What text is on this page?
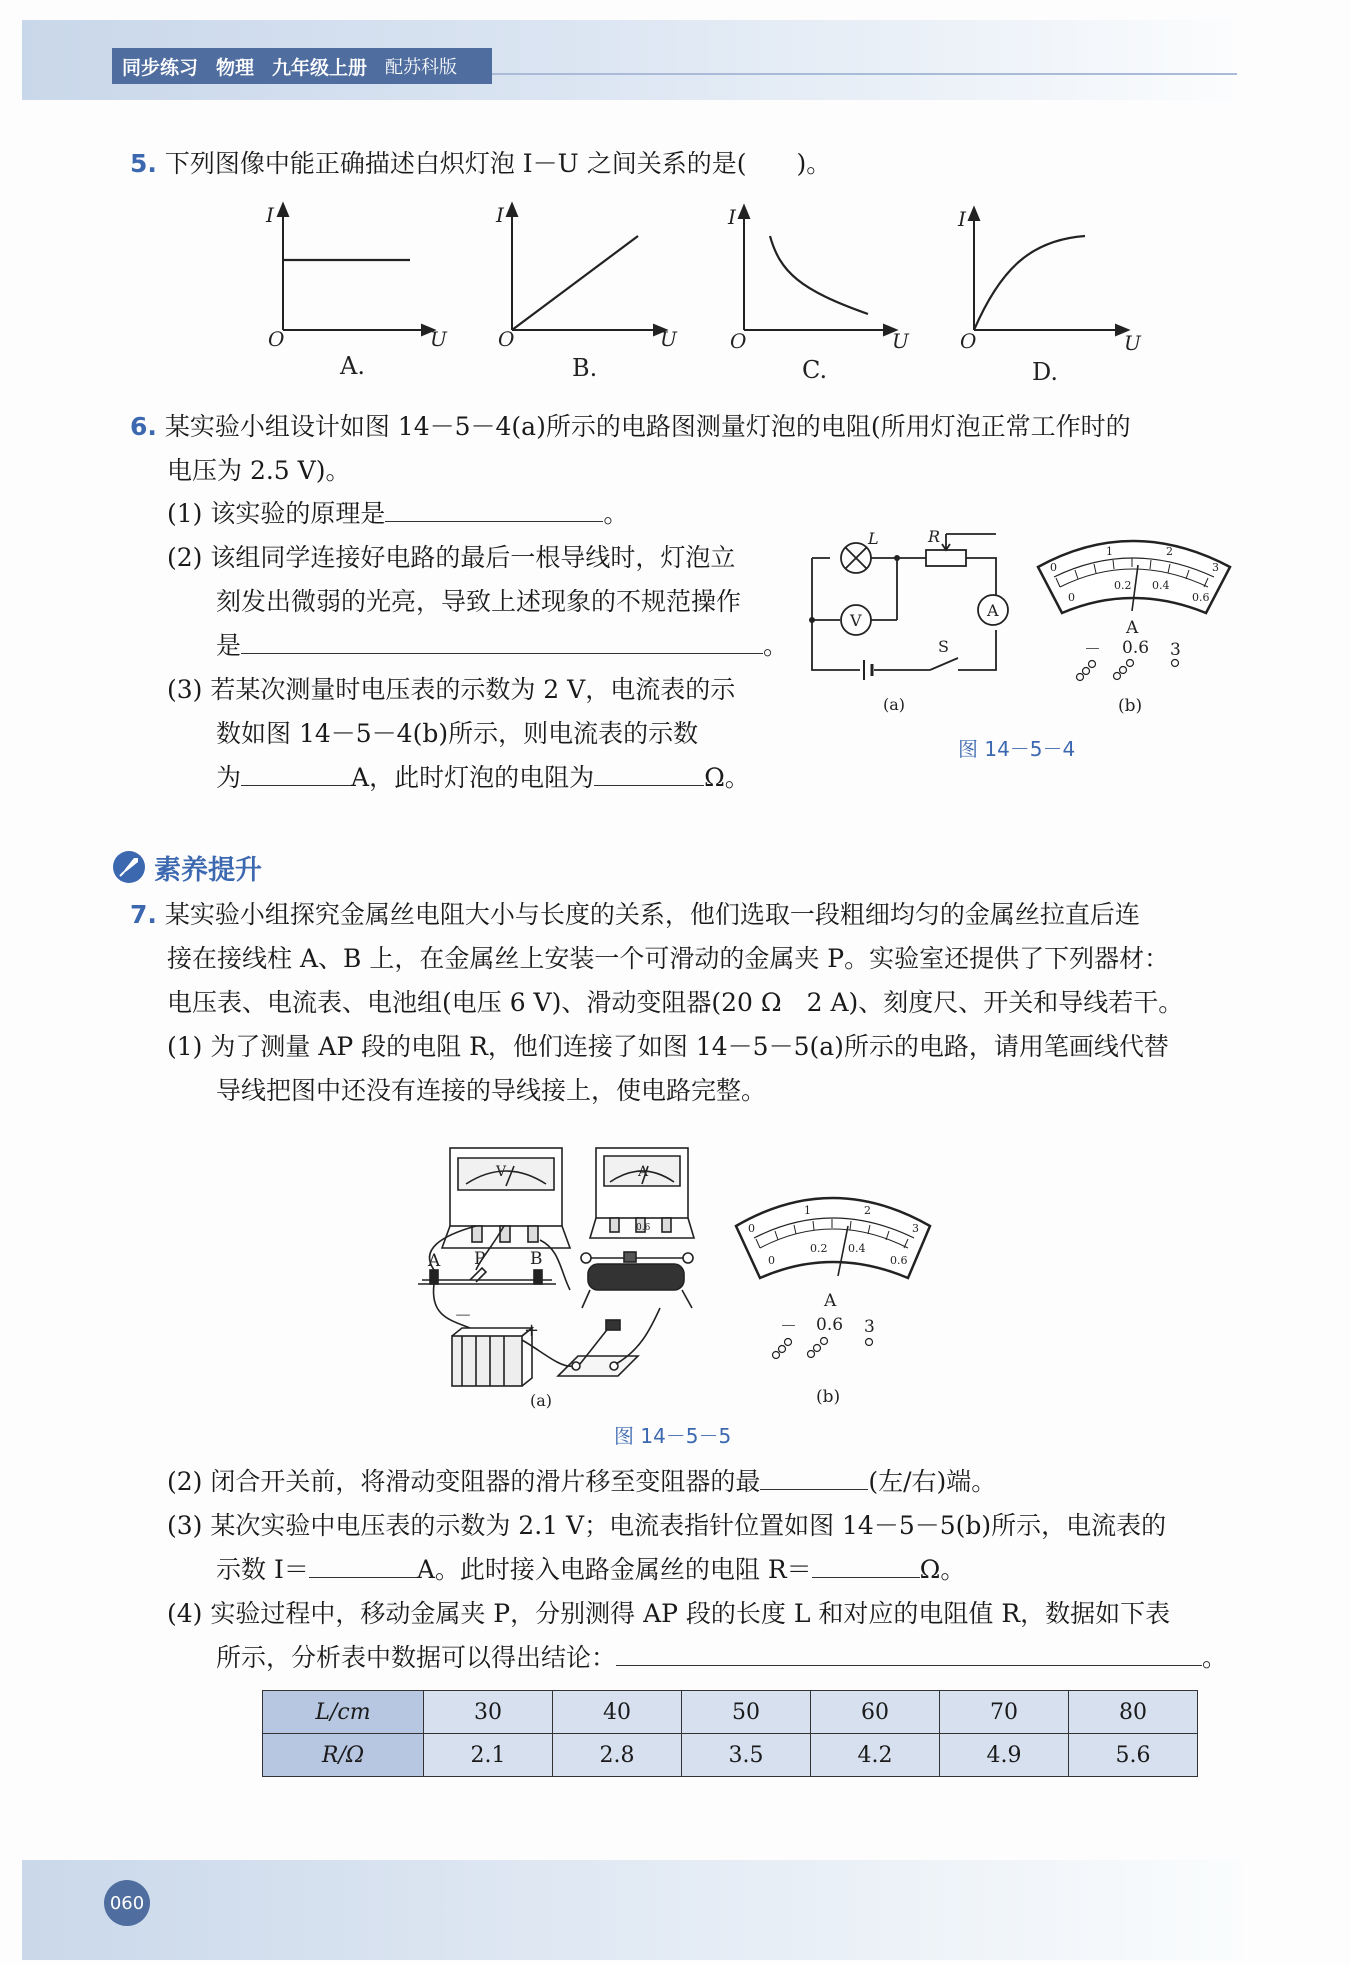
同步练习 物理 九年级上册 配苏科版
5. 下列图像中能正确描述白炽灯泡 I－U 之间关系的是(　　)。
I
O	U
I
O	U
I
O	U
I
O	U
A.	B.	C.	D.
6. 某实验小组设计如图 14－5－4(a)所示的电路图测量灯泡的电阻(所用灯泡正常工作时的
电压为 2.5 V)。
(1) 该实验的原理是	。
(2) 该组同学连接好电路的最后一根导线时，灯泡立
刻发出微弱的光亮，导致上述现象的不规范操作
是	。
(3) 若某次测量时电压表的示数为 2 V，电流表的示
数如图 14－5－4(b)所示，则电流表的示数
为	A，此时灯泡的电阻为	Ω。
L	R
V
A
S
(a)
0
1	2
3
0
0.2 0.4
0.6
A
－ 0.6 3
(b)
图 14－5－4
素养提升
7. 某实验小组探究金属丝电阻大小与长度的关系，他们选取一段粗细均匀的金属丝拉直后连
接在接线柱 A、B 上，在金属丝上安装一个可滑动的金属夹 P。实验室还提供了下列器材：
电压表、电流表、电池组(电压 6 V)、滑动变阻器(20 Ω　2 A)、刻度尺、开关和导线若干。
(1) 为了测量 AP 段的电阻 R，他们连接了如图 14－5－5(a)所示的电路，请用笔画线代替
导线把图中还没有连接的导线接上，使电路完整。
V	A
0.6
A P	B
－
+
(a)
0
1	2
3
0
0.2 0.4
0.6
A
－ 0.6 3
(b)
图 14－5－5
(2) 闭合开关前，将滑动变阻器的滑片移至变阻器的最	(左/右)端。
(3) 某次实验中电压表的示数为 2.1 V；电流表指针位置如图 14－5－5(b)所示，电流表的
示数 I＝	A。此时接入电路金属丝的电阻 R＝	Ω。
(4) 实验过程中，移动金属夹 P，分别测得 AP 段的长度 L 和对应的电阻值 R，数据如下表
所示，分析表中数据可以得出结论：	。
L/cm	30	40	50	60	70	80
R/Ω	2.1	2.8	3.5	4.2	4.9	5.6
060
